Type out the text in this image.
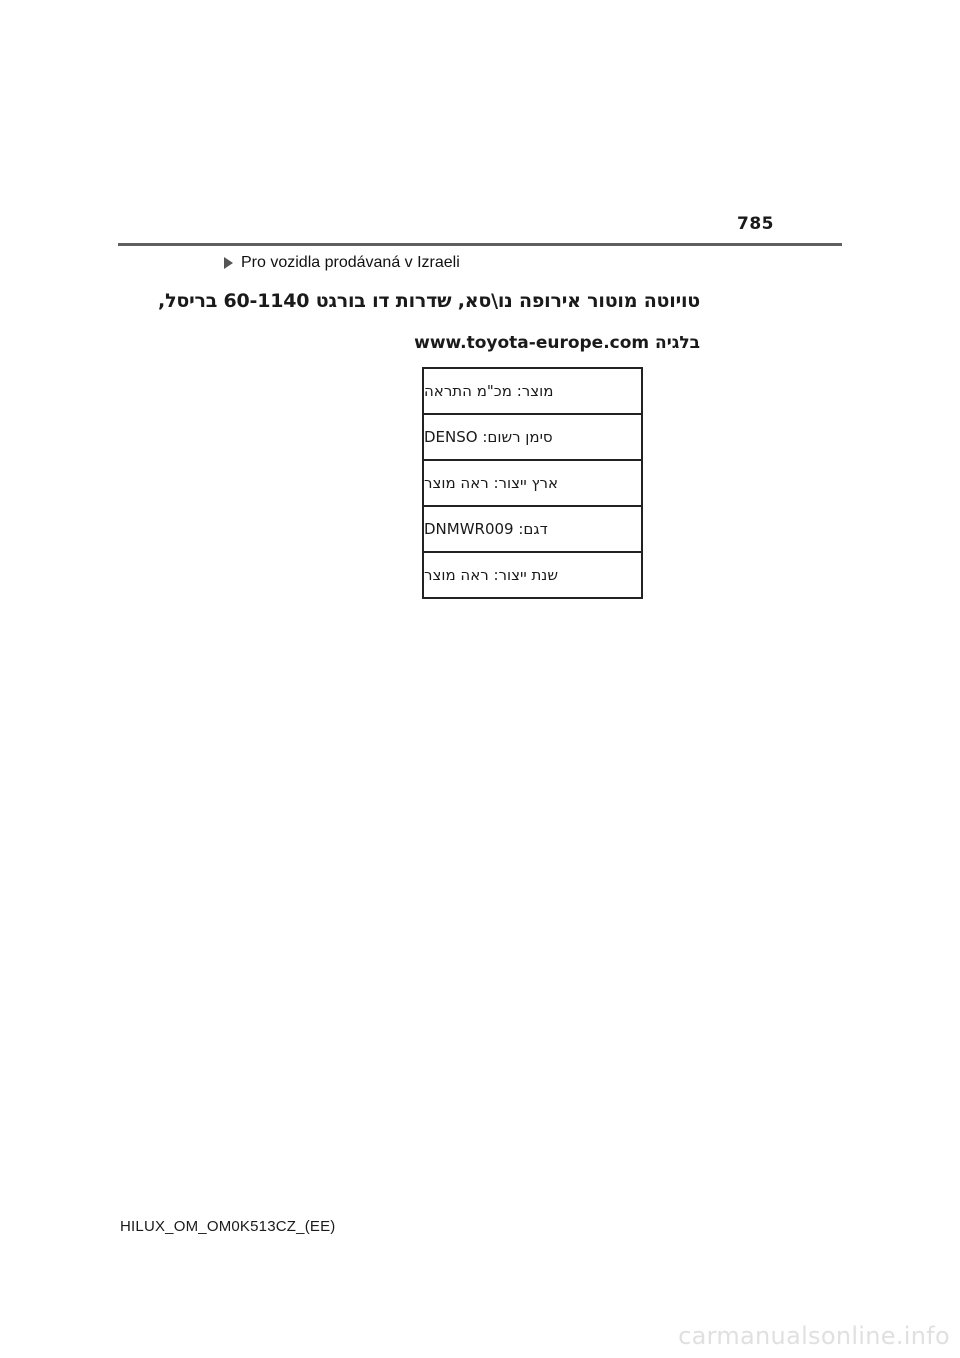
785
Pro vozidla prodávaná v Izraeli
טויוטה מוטור אירופה נו\סא, שדרות דו בורגט 60-1140 בריסל,
בלגיה www.toyota-europe.com
מוצר: מכ"מ התראה
סימן רשום: DENSO
ארץ ייצור: ראה מוצר
דגם: DNMWR009
שנת ייצור: ראה מוצר
HILUX_OM_OM0K513CZ_(EE)
carmanualsonline.info
